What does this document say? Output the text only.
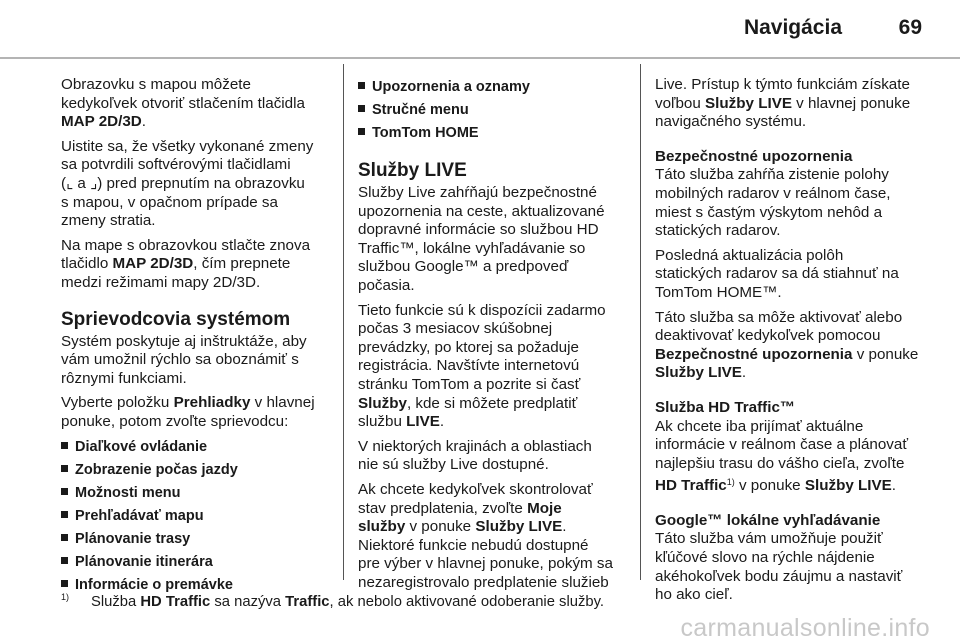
Navigácia	69

Obrazovku s mapou môžete
kedykoľvek otvoriť stlačením tlačidla
MAP 2D/3D.

Uistite sa, že všetky vykonané zmeny
sa potvrdili softvérovými tlačidlami
(⌞ a ⌟) pred prepnutím na obrazovku
s mapou, v opačnom prípade sa
zmeny stratia.

Na mape s obrazovkou stlačte znova
tlačidlo MAP 2D/3D, čím prepnete
medzi režimami mapy 2D/3D.

Sprievodcovia systémom

Systém poskytuje aj inštruktáže, aby
vám umožnil rýchlo sa oboznámiť s
rôznymi funkciami.

Vyberte položku Prehliadky v hlavnej
ponuke, potom zvoľte sprievodcu:

Diaľkové ovládanie
Zobrazenie počas jazdy
Možnosti menu
Prehľadávať mapu
Plánovanie trasy
Plánovanie itinerára
Informácie o premávke
Upozornenia a oznamy
Stručné menu
TomTom HOME
Služby LIVE

Služby Live zahŕňajú bezpečnostné
upozornenia na ceste, aktualizované
dopravné informácie so službou HD
Traffic™, lokálne vyhľadávanie so
službou Google™ a predpoveď
počasia.

Tieto funkcie sú k dispozícii zadarmo
počas 3 mesiacov skúšobnej
prevádzky, po ktorej sa požaduje
registrácia. Navštívte internetovú
stránku TomTom a pozrite si časť
Služby, kde si môžete predplatiť
službu LIVE.

V niektorých krajinách a oblastiach
nie sú služby Live dostupné.

Ak chcete kedykoľvek skontrolovať
stav predplatenia, zvoľte Moje
služby v ponuke Služby LIVE.
Niektoré funkcie nebudú dostupné
pre výber v hlavnej ponuke, pokým sa
nezaregistrovalo predplatenie služieb

Live. Prístup k týmto funkciám získate
voľbou Služby LIVE v hlavnej ponuke
navigačného systému.

Bezpečnostné upozornenia

Táto služba zahŕňa zistenie polohy
mobilných radarov v reálnom čase,
miest s častým výskytom nehôd a
statických radarov.

Posledná aktualizácia polôh
statických radarov sa dá stiahnuť na
TomTom HOME™.

Táto služba sa môže aktivovať alebo
deaktivovať kedykoľvek pomocou
Bezpečnostné upozornenia v ponuke
Služby LIVE.

Služba HD Traffic™

Ak chcete iba prijímať aktuálne
informácie v reálnom čase a plánovať
najlepšiu trasu do vášho cieľa, zvoľte
HD Traffic$^{1)}$ v ponuke Služby LIVE.

Google™ lokálne vyhľadávanie

Táto služba vám umožňuje použiť
kľúčové slovo na rýchle nájdenie
akéhokoľvek bodu záujmu a nastaviť
ho ako cieľ.

$^{1)}$ Služba HD Traffic sa nazýva Traffic, ak nebolo aktivované odoberanie služby.
carmanualsonline.info
